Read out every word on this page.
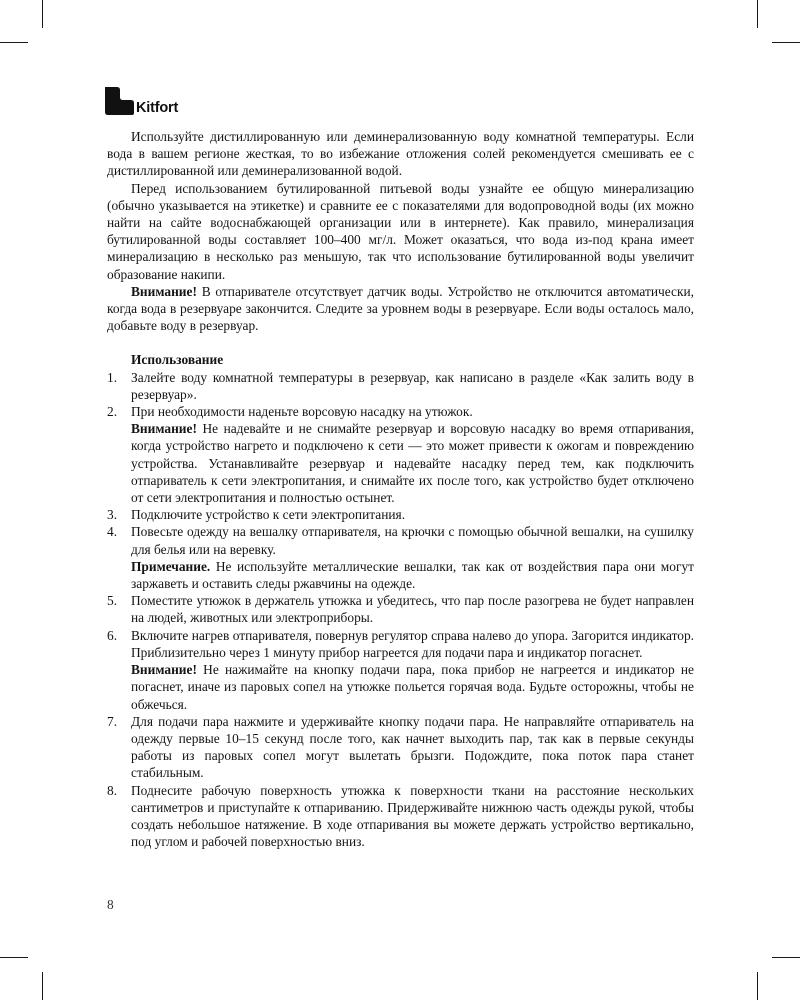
Kitfort

Используйте дистиллированную или деминерализованную воду комнатной температуры. Если вода в вашем регионе жесткая, то во избежание отложения солей рекомендуется смешивать ее с дистиллированной или деминерализованной водой.

Перед использованием бутилированной питьевой воды узнайте ее общую минерализацию (обычно указывается на этикетке) и сравните ее с показателями для водопроводной воды (их можно найти на сайте водоснабжающей организации или в интернете). Как правило, минерализация бутилированной воды составляет 100–400 мг/л. Может оказаться, что вода из-под крана имеет минерализацию в несколько раз меньшую, так что использование бутилированной воды увеличит образование накипи.

Внимание! В отпаривателе отсутствует датчик воды. Устройство не отключится автоматически, когда вода в резервуаре закончится. Следите за уровнем воды в резервуаре. Если воды осталось мало, добавьте воду в резервуар.

Использование

1. Залейте воду комнатной температуры в резервуар, как написано в разделе «Как залить воду в резервуар».

2. При необходимости наденьте ворсовую насадку на утюжок.

Внимание! Не надевайте и не снимайте резервуар и ворсовую насадку во время отпаривания, когда устройство нагрето и подключено к сети — это может привести к ожогам и повреждению устройства. Устанавливайте резервуар и надевайте насадку перед тем, как подключить отпариватель к сети электропитания, и снимайте их после того, как устройство будет отключено от сети электропитания и полностью остынет.

3. Подключите устройство к сети электропитания.

4. Повесьте одежду на вешалку отпаривателя, на крючки с помощью обычной вешалки, на сушилку для белья или на веревку.

Примечание. Не используйте металлические вешалки, так как от воздействия пара они могут заржаветь и оставить следы ржавчины на одежде.

5. Поместите утюжок в держатель утюжка и убедитесь, что пар после разогрева не будет направлен на людей, животных или электроприборы.

6. Включите нагрев отпаривателя, повернув регулятор справа налево до упора. Загорится индикатор. Приблизительно через 1 минуту прибор нагреется для подачи пара и индикатор погаснет.

Внимание! Не нажимайте на кнопку подачи пара, пока прибор не нагреется и индикатор не погаснет, иначе из паровых сопел на утюжке польется горячая вода. Будьте осторожны, чтобы не обжечься.

7. Для подачи пара нажмите и удерживайте кнопку подачи пара. Не направляйте отпариватель на одежду первые 10–15 секунд после того, как начнет выходить пар, так как в первые секунды работы из паровых сопел могут вылетать брызги. Подождите, пока поток пара станет стабильным.

8. Поднесите рабочую поверхность утюжка к поверхности ткани на расстояние нескольких сантиметров и приступайте к отпариванию. Придерживайте нижнюю часть одежды рукой, чтобы создать небольшое натяжение. В ходе отпаривания вы можете держать устройство вертикально, под углом и рабочей поверхностью вниз.

8
